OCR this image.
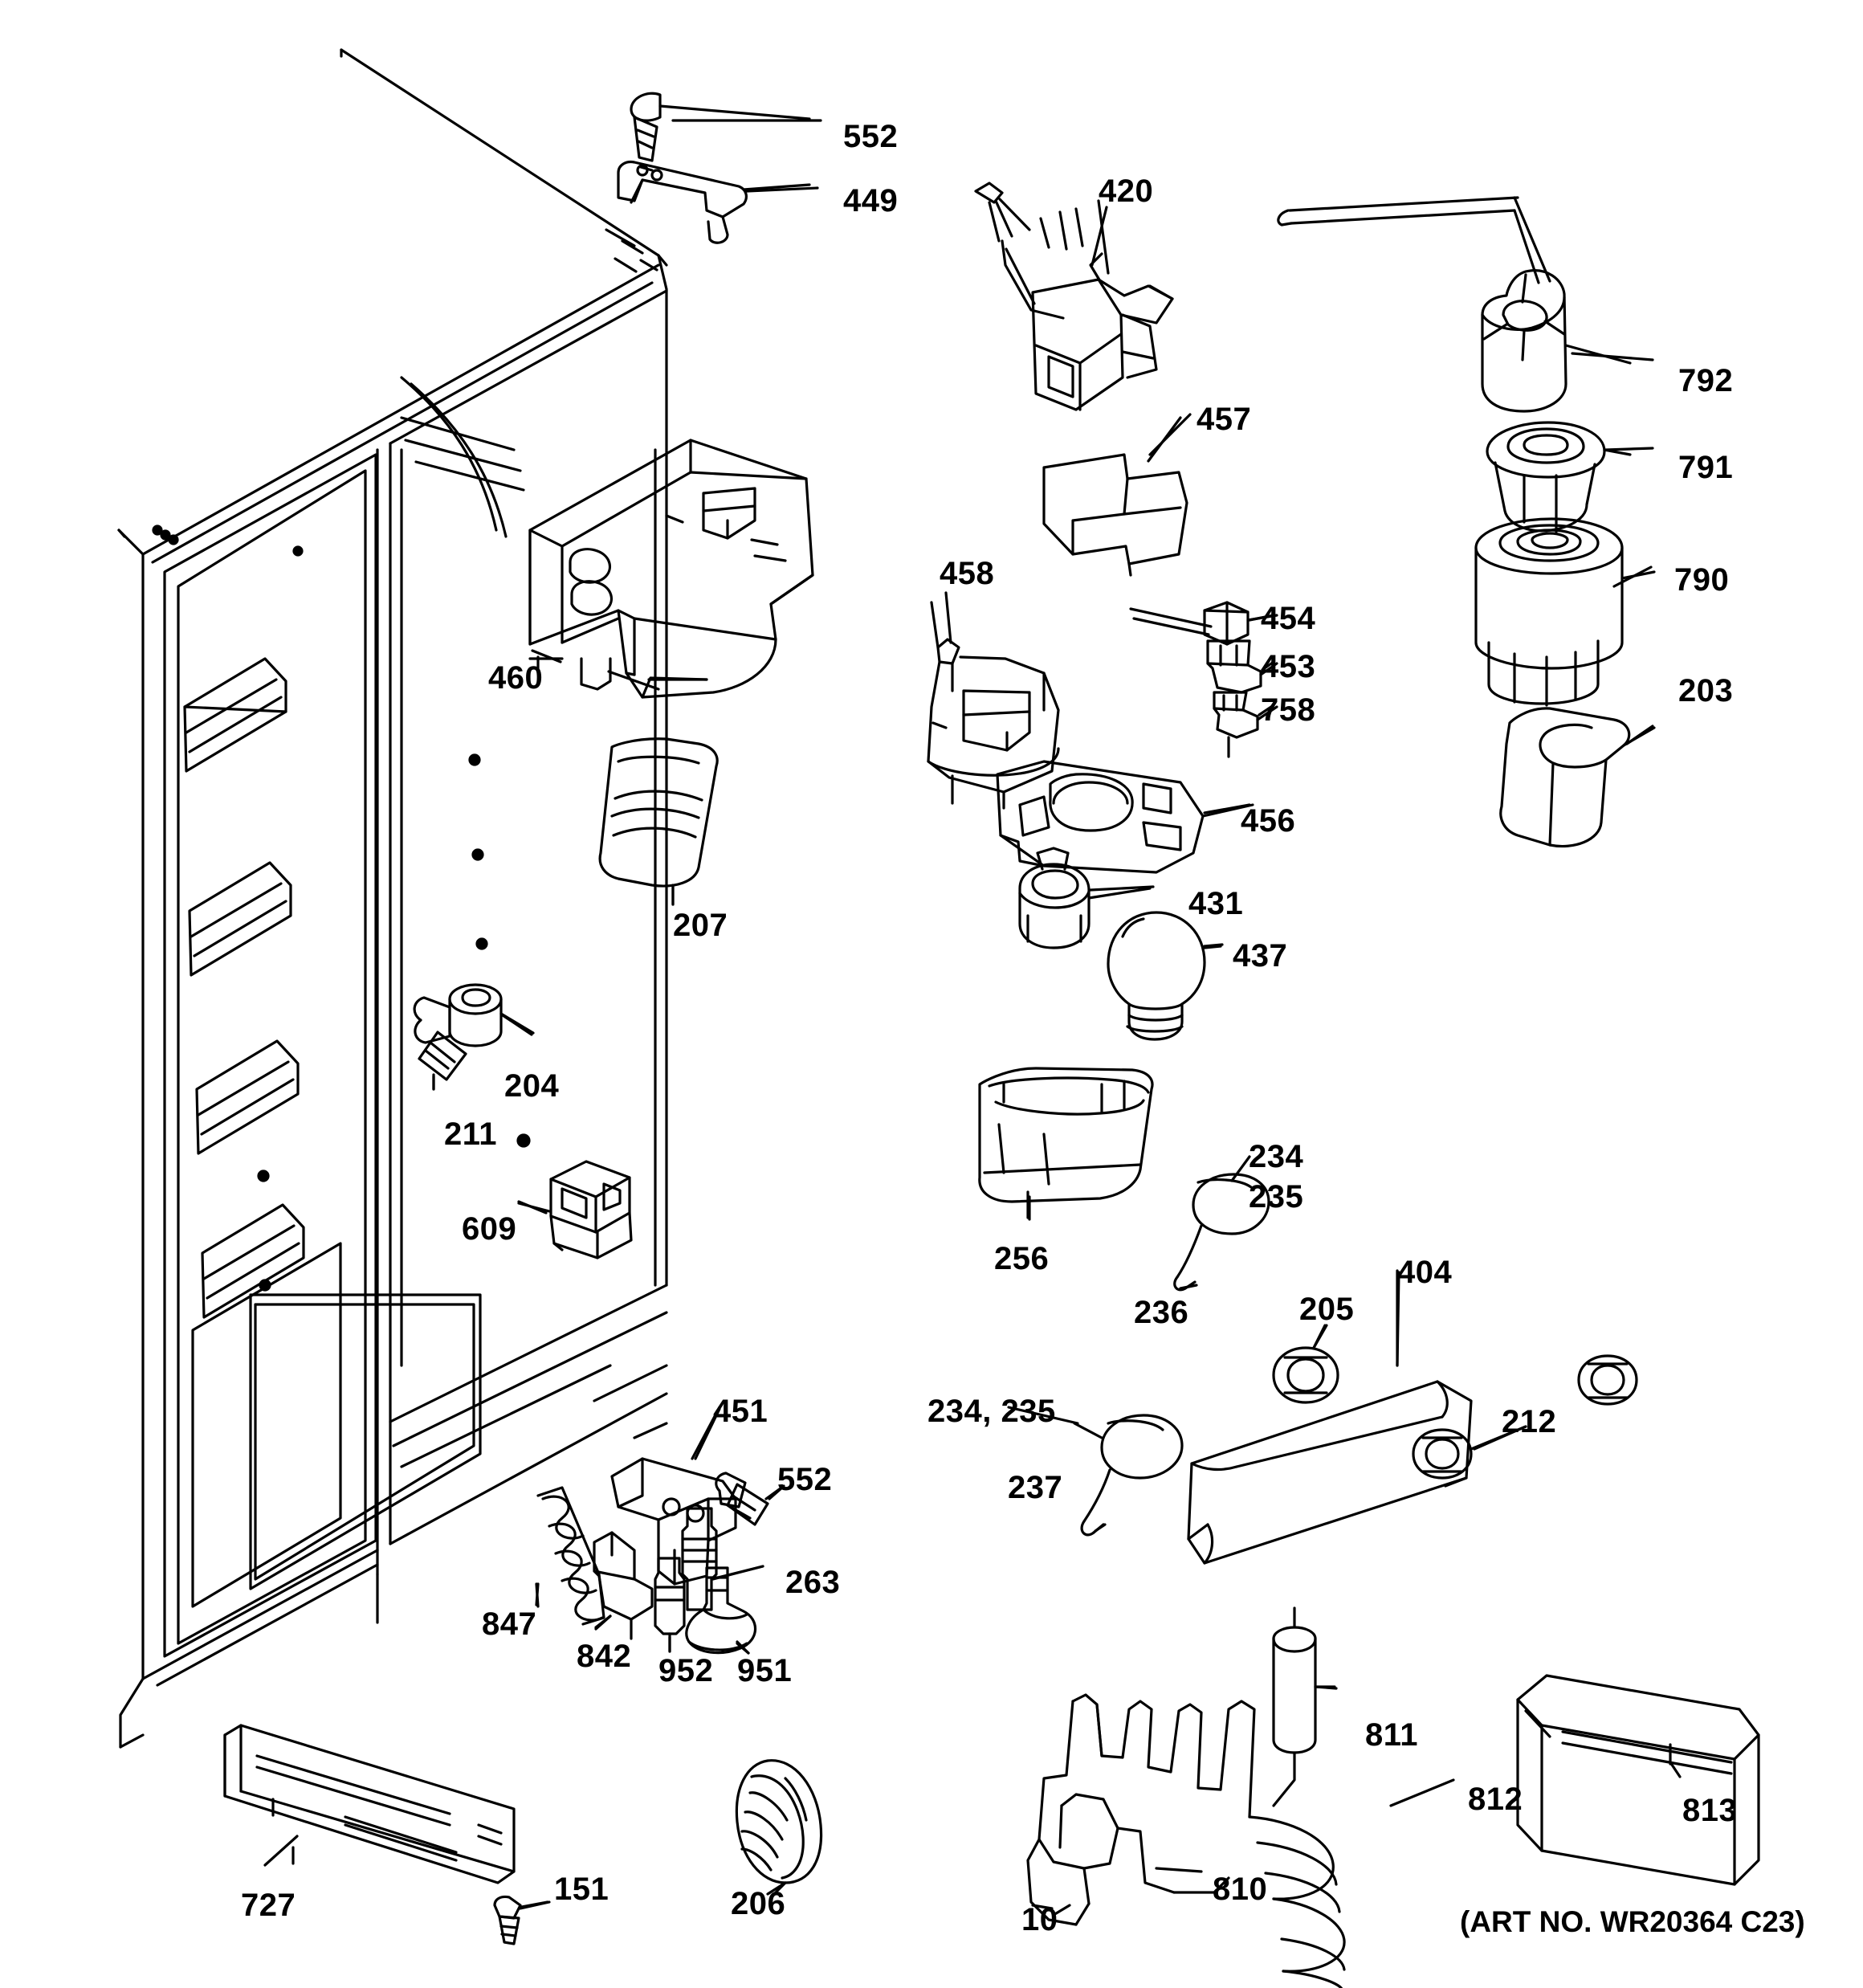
552
449	420
792
457
791
458
454
790
453
460
758
203
456
431
207
437
204
211
234
235
609
256
236
404
205
234, 235	212
451
552	237
263
847
842 952 951
811
812	813
727	151	206	810
10	(ART NO. WR20364 C23)
